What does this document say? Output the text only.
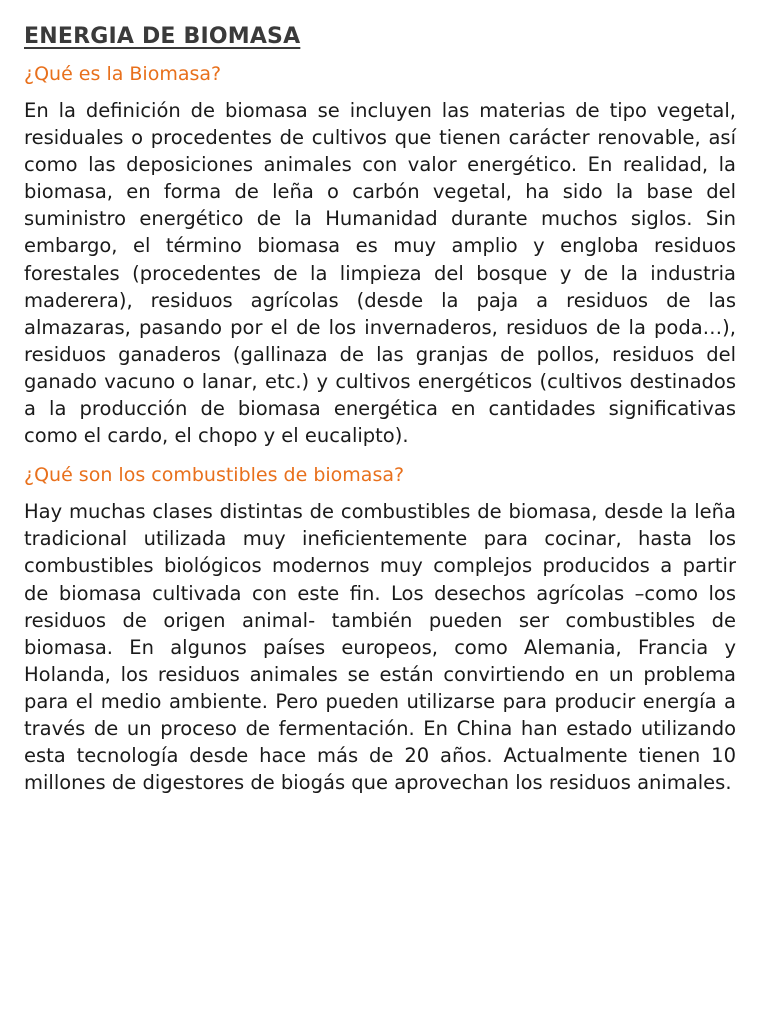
ENERGIA DE BIOMASA
¿Qué es la Biomasa?

En la definición de biomasa se incluyen las materias de tipo vegetal, residuales o procedentes de cultivos que tienen carácter renovable, así como las deposiciones animales con valor energético. En realidad, la biomasa, en forma de leña o carbón vegetal, ha sido la base del suministro energético de la Humanidad durante muchos siglos. Sin embargo, el término biomasa es muy amplio y engloba residuos forestales (procedentes de la limpieza del bosque y de la industria maderera), residuos agrícolas (desde la paja a residuos de las almazaras, pasando por el de los invernaderos, residuos de la poda…), residuos ganaderos (gallinaza de las granjas de pollos, residuos del ganado vacuno o lanar, etc.) y cultivos energéticos (cultivos destinados a la producción de biomasa energética en cantidades significativas como el cardo, el chopo y el eucalipto).

¿Qué son los combustibles de biomasa?

Hay muchas clases distintas de combustibles de biomasa, desde la leña tradicional utilizada muy ineficientemente para cocinar, hasta los combustibles biológicos modernos muy complejos producidos a partir de biomasa cultivada con este fin. Los desechos agrícolas –como los residuos de origen animal- también pueden ser combustibles de biomasa. En algunos países europeos, como Alemania, Francia y Holanda, los residuos animales se están convirtiendo en un problema para el medio ambiente. Pero pueden utilizarse para producir energía a través de un proceso de fermentación. En China han estado utilizando esta tecnología desde hace más de 20 años. Actualmente tienen 10 millones de digestores de biogás que aprovechan los residuos animales.
